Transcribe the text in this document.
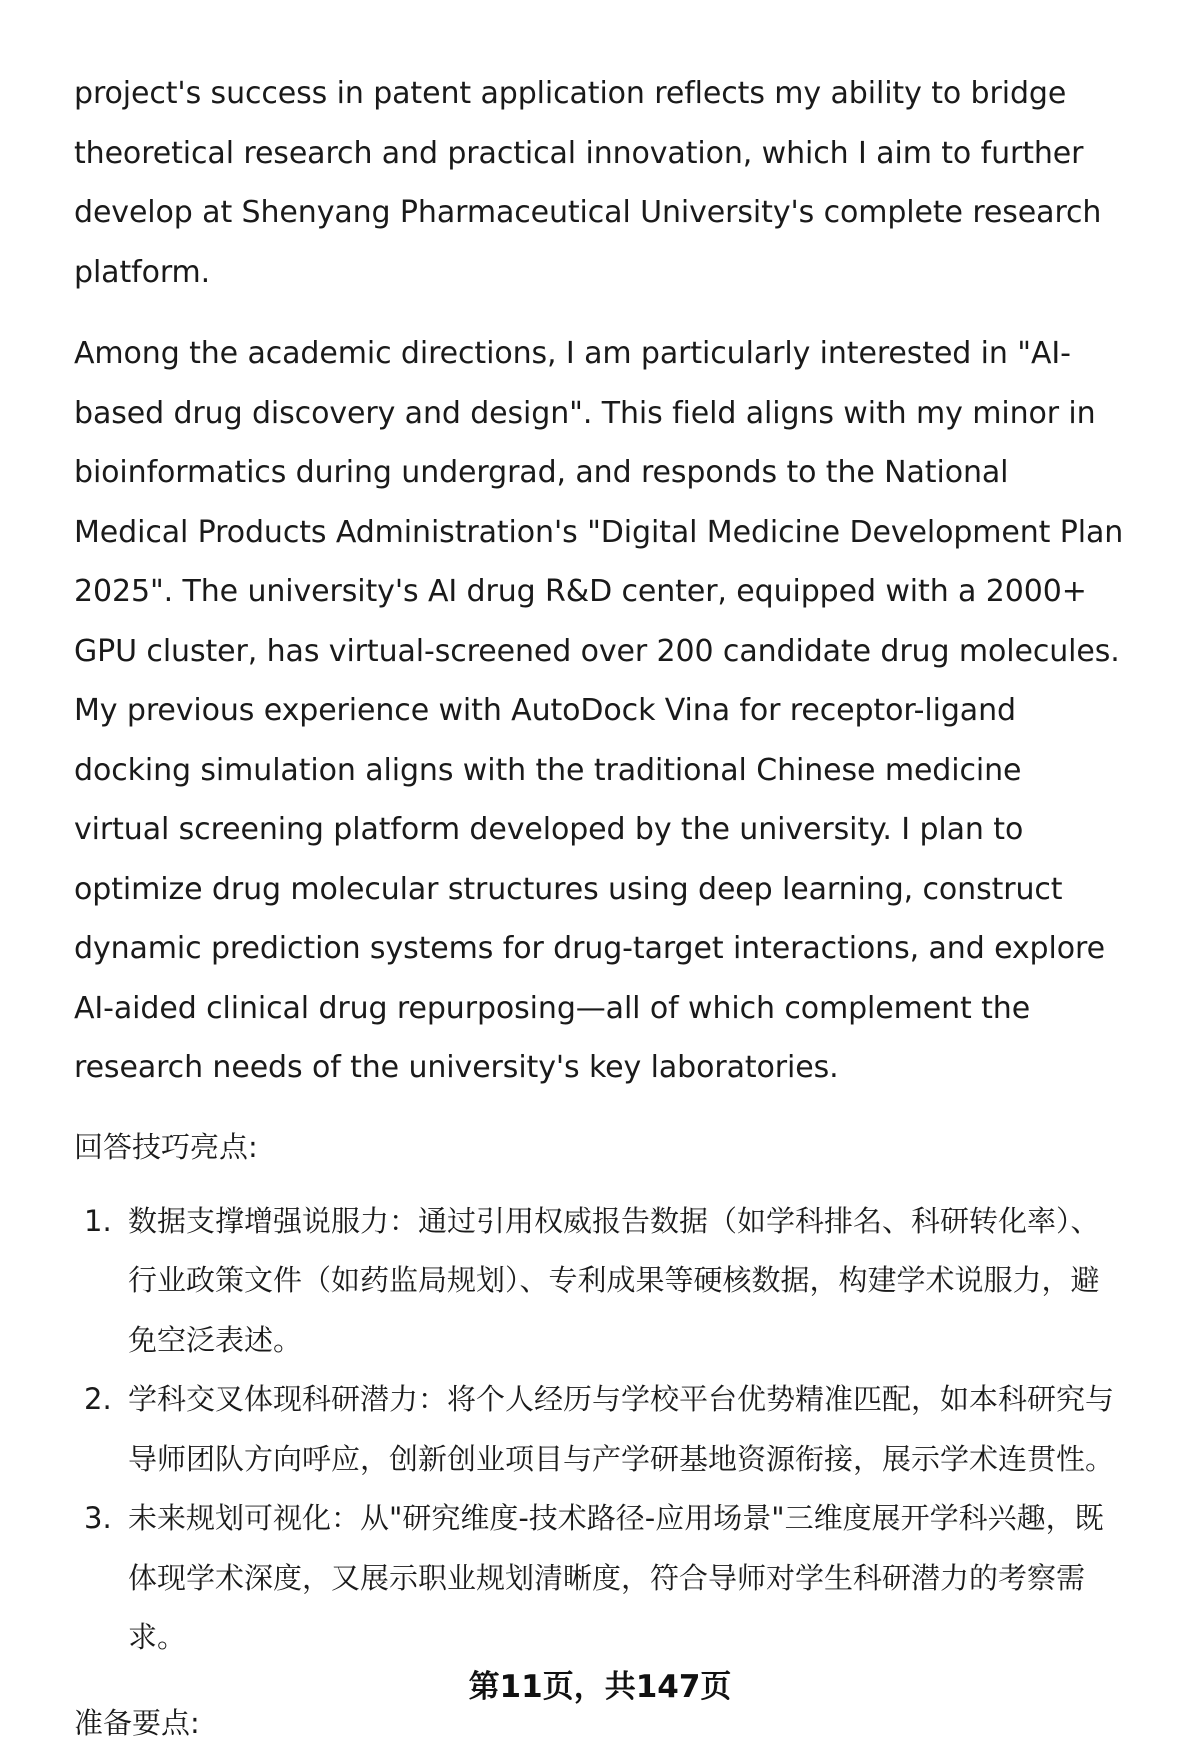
project's success in patent application reflects my ability to bridge theoretical research and practical innovation, which I aim to further develop at Shenyang Pharmaceutical University's complete research platform.

Among the academic directions, I am particularly interested in "AI-based drug discovery and design". This field aligns with my minor in bioinformatics during undergrad, and responds to the National Medical Products Administration's "Digital Medicine Development Plan 2025". The university's AI drug R&D center, equipped with a 2000+ GPU cluster, has virtual-screened over 200 candidate drug molecules. My previous experience with AutoDock Vina for receptor-ligand docking simulation aligns with the traditional Chinese medicine virtual screening platform developed by the university. I plan to optimize drug molecular structures using deep learning, construct dynamic prediction systems for drug-target interactions, and explore AI-aided clinical drug repurposing—all of which complement the research needs of the university's key laboratories.

回答技巧亮点:
1. 数据支撑增强说服力：通过引用权威报告数据（如学科排名、科研转化率）、行业政策文件（如药监局规划）、专利成果等硬核数据，构建学术说服力，避免空泛表述。
2. 学科交叉体现科研潜力：将个人经历与学校平台优势精准匹配，如本科研究与导师团队方向呼应，创新创业项目与产学研基地资源衔接，展示学术连贯性。
3. 未来规划可视化：从"研究维度-技术路径-应用场景"三维度展开学科兴趣，既体现学术深度，又展示职业规划清晰度，符合导师对学生科研潜力的考察需求。
准备要点:
第11页，共147页
